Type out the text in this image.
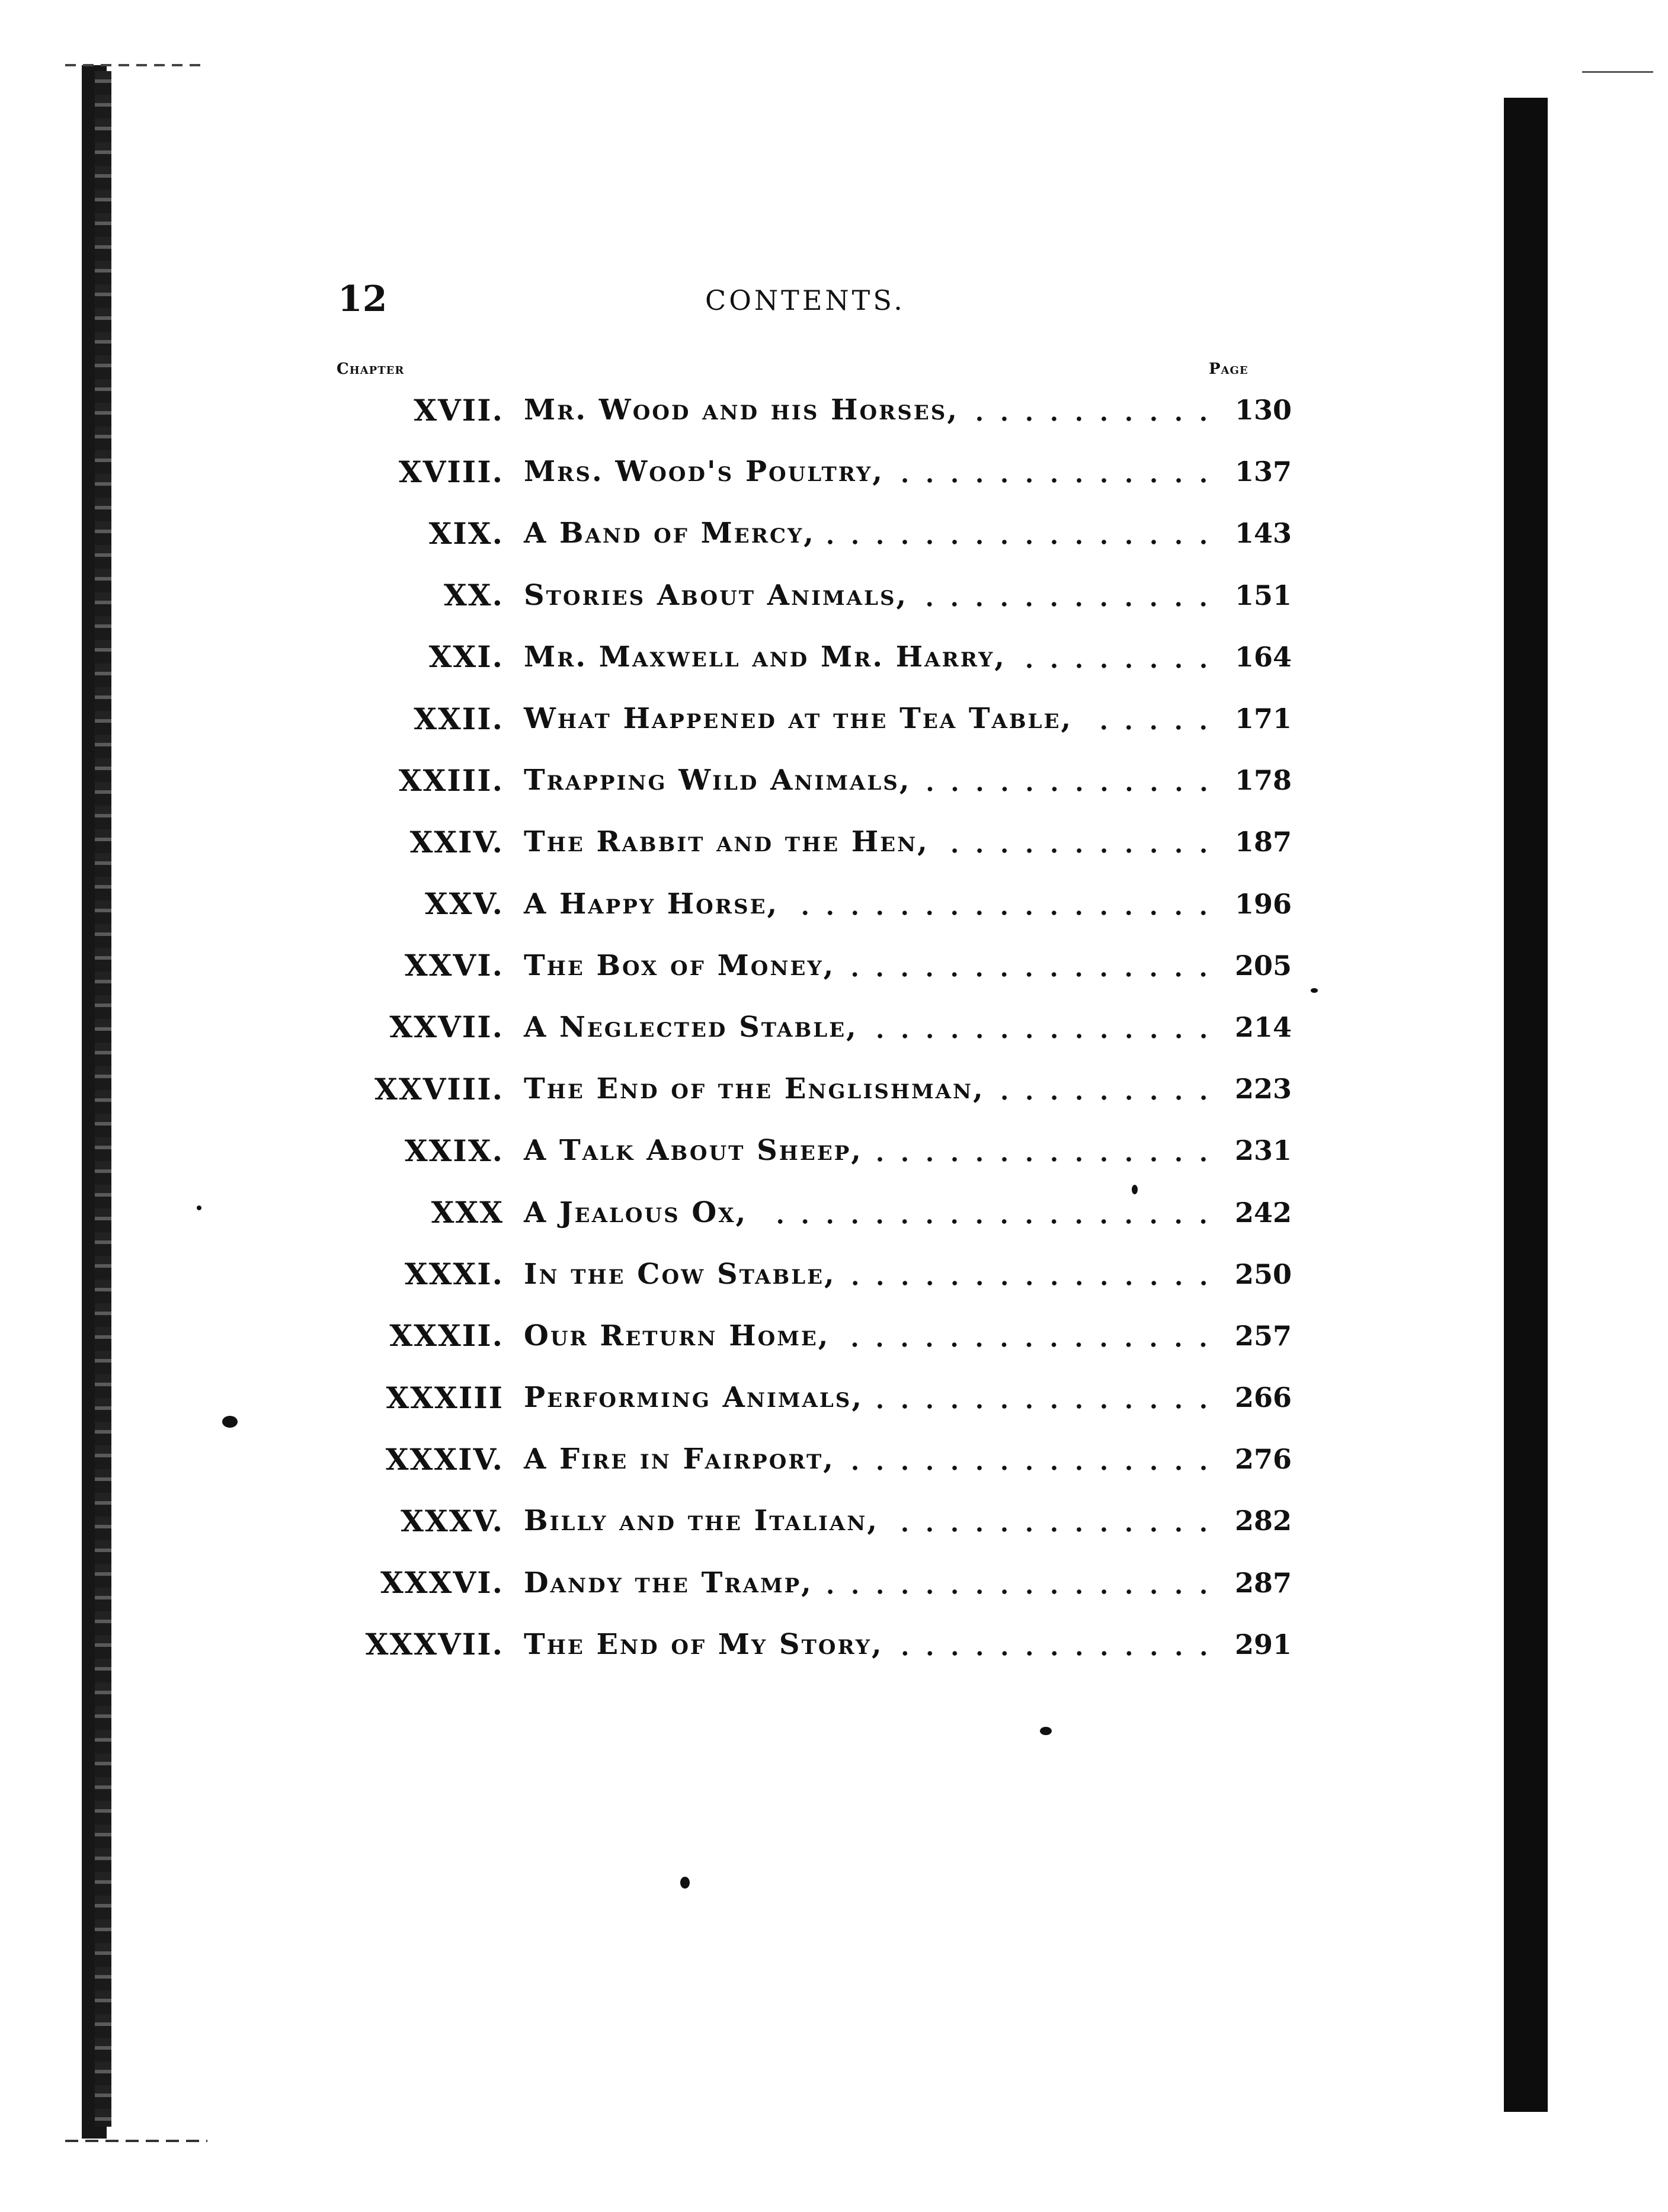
12	CONTENTS.
Chapter	Page
XVII. Mr. Wood and his Horses,	130
XVIII. Mrs. Wood's Poultry,	137
XIX. A Band of Mercy,	143
XX. Stories About Animals,	151
XXI. Mr. Maxwell and Mr. Harry,	164
XXII. What Happened at the Tea Table,	171
XXIII. Trapping Wild Animals,	178
XXIV. The Rabbit and the Hen,	187
XXV. A Happy Horse,	196
XXVI. The Box of Money,	205
XXVII. A Neglected Stable,	214
XXVIII. The End of the Englishman,	223
XXIX. A Talk About Sheep,	231
XXX A Jealous Ox,	242
XXXI. In the Cow Stable,	250
XXXII. Our Return Home,	257
XXXIII Performing Animals,	266
XXXIV. A Fire in Fairport,	276
XXXV. Billy and the Italian,	282
XXXVI. Dandy the Tramp,	287
XXXVII. The End of My Story,	291
